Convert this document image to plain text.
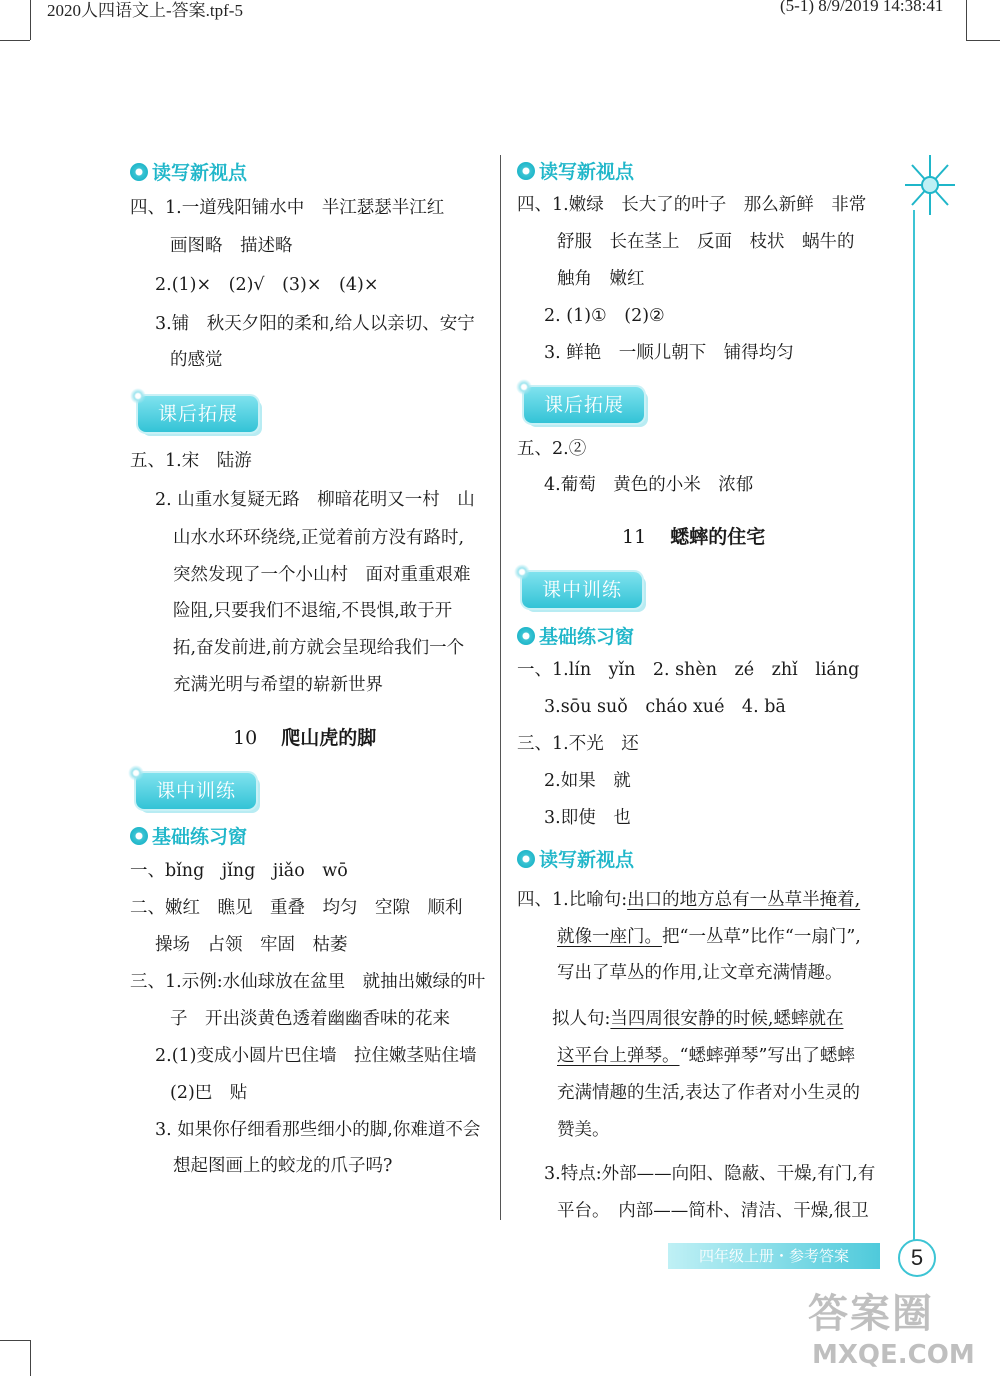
2020人四语文上-答案.tpf-5	(5-1) 8/9/2019 14:38:41
读写新视点
四、1.一道残阳铺水中　半江瑟瑟半江红
画图略　描述略
2.(1)×　(2)√　(3)×　(4)×
3.铺　秋天夕阳的柔和,给人以亲切、安宁
的感觉
课后拓展
五、1.宋　陆游
2. 山重水复疑无路　柳暗花明又一村　山
山水水环环绕绕,正觉着前方没有路时,
突然发现了一个小山村　面对重重艰难
险阻,只要我们不退缩,不畏惧,敢于开
拓,奋发前进,前方就会呈现给我们一个
充满光明与希望的崭新世界
10 爬山虎的脚
课中训练
基础练习窗
一、bǐng　jǐng　jiǎo　wō
二、嫩红　瞧见　重叠　均匀　空隙　顺利
操场　占领　牢固　枯萎
三、1.示例:水仙球放在盆里　就抽出嫩绿的叶
子　开出淡黄色透着幽幽香味的花来
2.(1)变成小圆片巴住墙　拉住嫩茎贴住墙
(2)巴　贴
3. 如果你仔细看那些细小的脚,你难道不会
想起图画上的蛟龙的爪子吗?
读写新视点
四、1.嫩绿　长大了的叶子　那么新鲜　非常
舒服　长在茎上　反面　枝状　蜗牛的
触角　嫩红
2. (1)①　(2)②
3. 鲜艳　一顺儿朝下　铺得均匀
课后拓展
五、2.②
4.葡萄　黄色的小米　浓郁
11 蟋蟀的住宅
课中训练
基础练习窗
一、1.lín　yǐn　2. shèn　zé　zhǐ　liáng
3.sōu suǒ　cháo xué　4. bā
三、1.不光　还
2.如果　就
3.即使　也
读写新视点
四、1.比喻句:出口的地方总有一丛草半掩着,
就像一座门。把“一丛草”比作“一扇门”,
写出了草丛的作用,让文章充满情趣。
拟人句:当四周很安静的时候,蟋蟀就在
这平台上弹琴。“蟋蟀弹琴”写出了蟋蟀
充满情趣的生活,表达了作者对小生灵的
赞美。
3.特点:外部——向阳、隐蔽、干燥,有门,有
平台。　内部——简朴、清洁、干燥,很卫
四年级上册・参考答案	5
答案圈
MXQE.COM
